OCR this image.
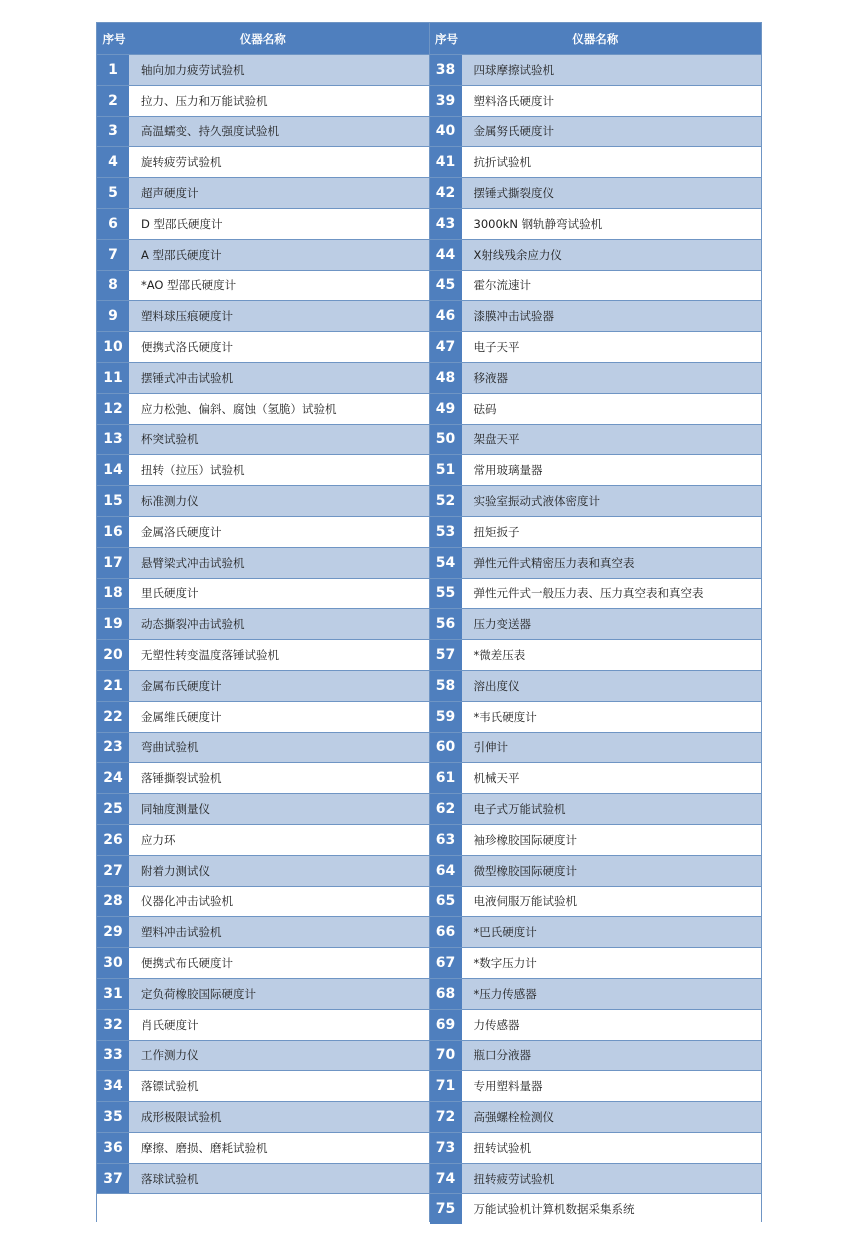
序号	仪器名称
1	轴向加力疲劳试验机
2	拉力、压力和万能试验机
3	高温蠕变、持久强度试验机
4	旋转疲劳试验机
5	超声硬度计
6	D 型邵氏硬度计
7	A 型邵氏硬度计
8	*AO 型邵氏硬度计
9	塑料球压痕硬度计
10	便携式洛氏硬度计
11	摆锤式冲击试验机
12	应力松弛、偏斜、腐蚀（氢脆）试验机
13	杯突试验机
14	扭转（拉压）试验机
15	标准测力仪
16	金属洛氏硬度计
17	悬臂梁式冲击试验机
18	里氏硬度计
19	动态撕裂冲击试验机
20	无塑性转变温度落锤试验机
21	金属布氏硬度计
22	金属维氏硬度计
23	弯曲试验机
24	落锤撕裂试验机
25	同轴度测量仪
26	应力环
27	附着力测试仪
28	仪器化冲击试验机
29	塑料冲击试验机
30	便携式布氏硬度计
31	定负荷橡胶国际硬度计
32	肖氏硬度计
33	工作测力仪
34	落镖试验机
35	成形极限试验机
36	摩擦、磨损、磨耗试验机
37	落球试验机
序号	仪器名称
38	四球摩擦试验机
39	塑料洛氏硬度计
40	金属努氏硬度计
41	抗折试验机
42	摆锤式撕裂度仪
43	3000kN 钢轨静弯试验机
44	X射线残余应力仪
45	霍尔流速计
46	漆膜冲击试验器
47	电子天平
48	移液器
49	砝码
50	架盘天平
51	常用玻璃量器
52	实验室振动式液体密度计
53	扭矩扳子
54	弹性元件式精密压力表和真空表
55	弹性元件式一般压力表、压力真空表和真空表
56	压力变送器
57	*微差压表
58	溶出度仪
59	*韦氏硬度计
60	引伸计
61	机械天平
62	电子式万能试验机
63	袖珍橡胶国际硬度计
64	微型橡胶国际硬度计
65	电液伺服万能试验机
66	*巴氏硬度计
67	*数字压力计
68	*压力传感器
69	力传感器
70	瓶口分液器
71	专用塑料量器
72	高强螺栓检测仪
73	扭转试验机
74	扭转疲劳试验机
75	万能试验机计算机数据采集系统
